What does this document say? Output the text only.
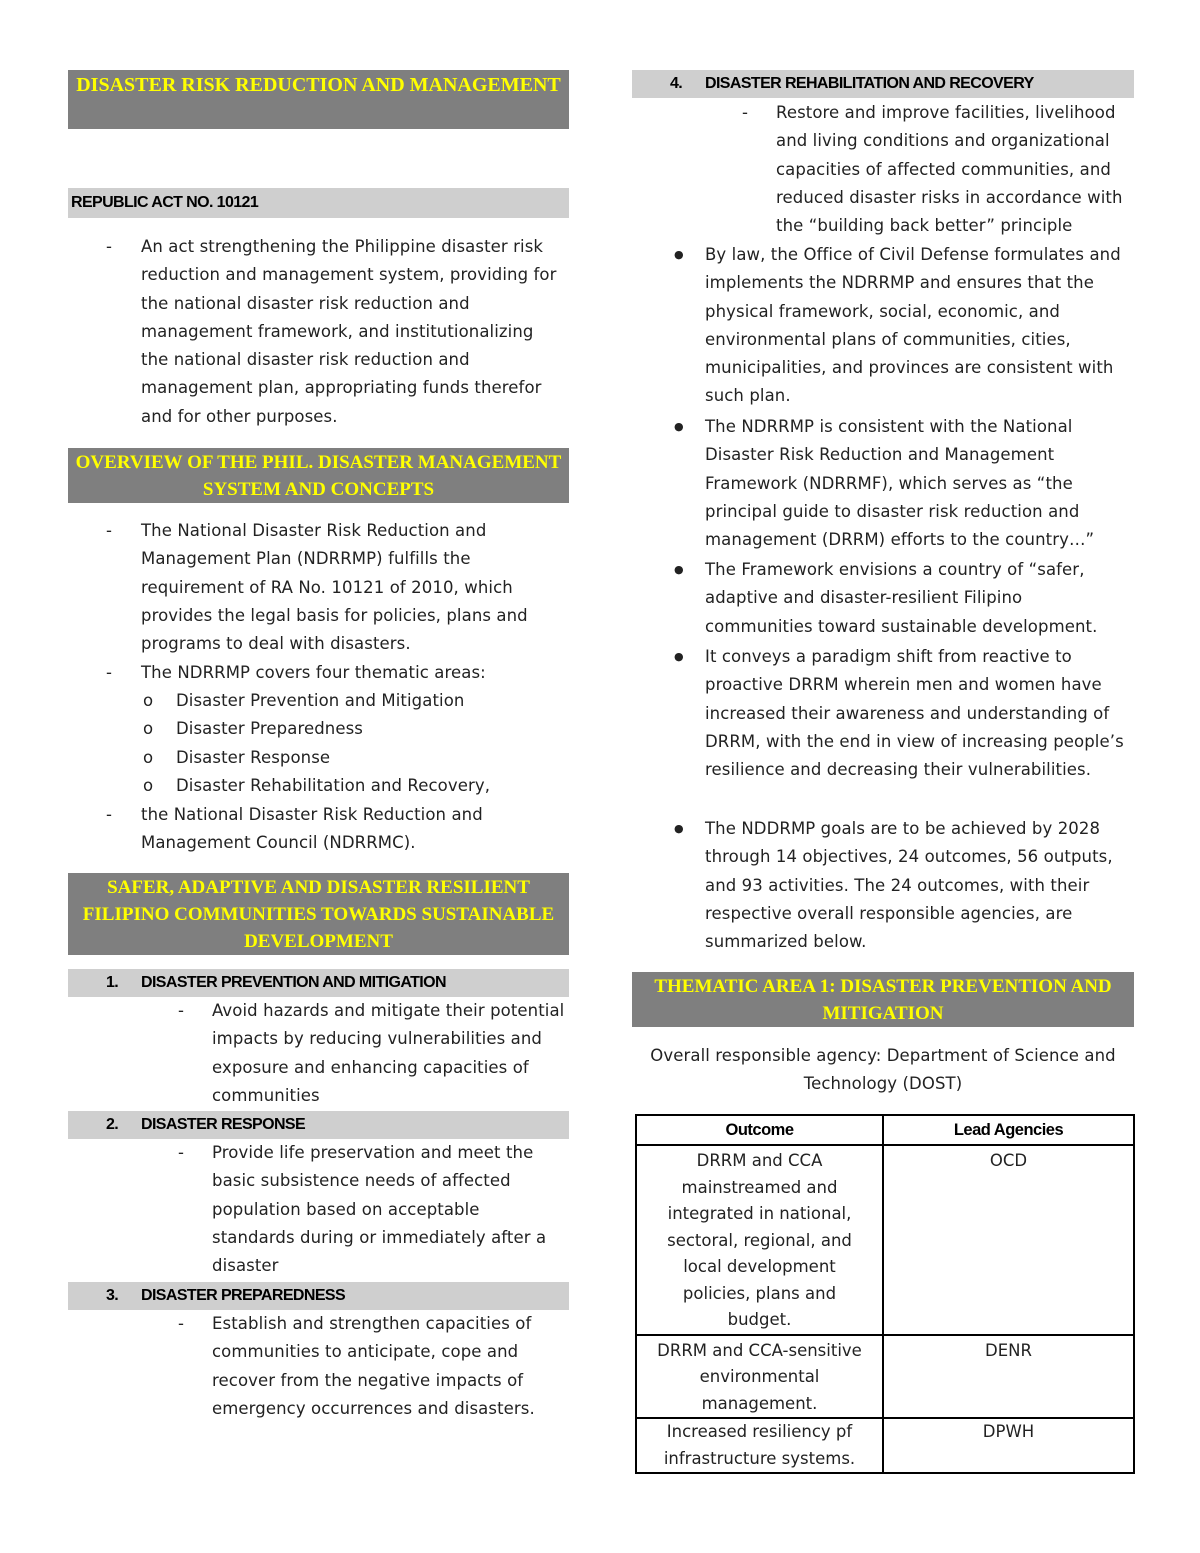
DISASTER RISK REDUCTION AND MANAGEMENT
REPUBLIC ACT NO. 10121
- An act strengthening the Philippine disaster risk reduction and management system, providing for the national disaster risk reduction and management framework, and institutionalizing the national disaster risk reduction and management plan, appropriating funds therefor and for other purposes.
OVERVIEW OF THE PHIL. DISASTER MANAGEMENT SYSTEM AND CONCEPTS
- The National Disaster Risk Reduction and Management Plan (NDRRMP) fulfills the requirement of RA No. 10121 of 2010, which provides the legal basis for policies, plans and programs to deal with disasters.
- The NDRRMP covers four thematic areas:
o Disaster Prevention and Mitigation
o Disaster Preparedness
o Disaster Response
o Disaster Rehabilitation and Recovery,
- the National Disaster Risk Reduction and Management Council (NDRRMC).
SAFER, ADAPTIVE AND DISASTER RESILIENT FILIPINO COMMUNITIES TOWARDS SUSTAINABLE DEVELOPMENT
1. DISASTER PREVENTION AND MITIGATION
- Avoid hazards and mitigate their potential impacts by reducing vulnerabilities and exposure and enhancing capacities of communities
2. DISASTER RESPONSE
- Provide life preservation and meet the basic subsistence needs of affected population based on acceptable standards during or immediately after a disaster
3. DISASTER PREPAREDNESS
- Establish and strengthen capacities of communities to anticipate, cope and recover from the negative impacts of emergency occurrences and disasters.
4. DISASTER REHABILITATION AND RECOVERY
- Restore and improve facilities, livelihood and living conditions and organizational capacities of affected communities, and reduced disaster risks in accordance with the “building back better” principle
● By law, the Office of Civil Defense formulates and implements the NDRRMP and ensures that the physical framework, social, economic, and environmental plans of communities, cities, municipalities, and provinces are consistent with such plan.
● The NDRRMP is consistent with the National Disaster Risk Reduction and Management Framework (NDRRMF), which serves as “the principal guide to disaster risk reduction and management (DRRM) efforts to the country…”
● The Framework envisions a country of “safer, adaptive and disaster-resilient Filipino communities toward sustainable development.
● It conveys a paradigm shift from reactive to proactive DRRM wherein men and women have increased their awareness and understanding of DRRM, with the end in view of increasing people’s resilience and decreasing their vulnerabilities.
● The NDDRMP goals are to be achieved by 2028 through 14 objectives, 24 outcomes, 56 outputs, and 93 activities. The 24 outcomes, with their respective overall responsible agencies, are summarized below.
THEMATIC AREA 1: DISASTER PREVENTION AND MITIGATION
Overall responsible agency: Department of Science and Technology (DOST)
Outcome	Lead Agencies
DRRM and CCA mainstreamed and integrated in national, sectoral, regional, and local development policies, plans and budget.	OCD
DRRM and CCA-sensitive environmental management.	DENR
Increased resiliency pf infrastructure systems.	DPWH
